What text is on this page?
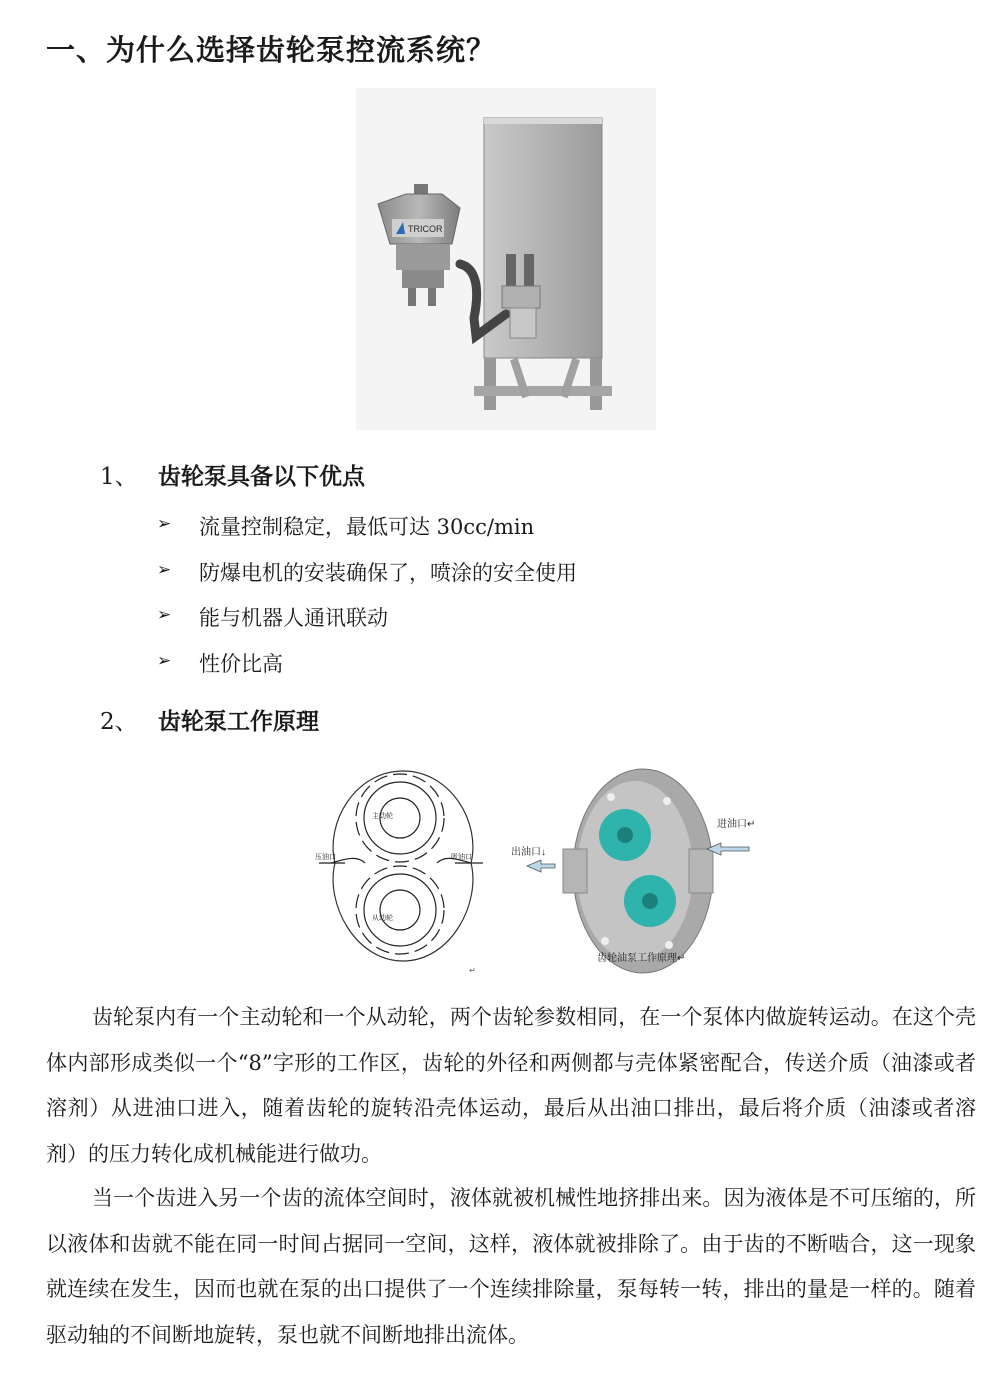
一、为什么选择齿轮泵控流系统？
TRICOR
1、 齿轮泵具备以下优点
➢	流量控制稳定，最低可达 30cc/min
➢	防爆电机的安装确保了，喷涂的安全使用
➢	能与机器人通讯联动
➢	性价比高
2、 齿轮泵工作原理
主动轮
从动轮
压油口	吸油口
↵
出油口↓
进油口↵
齿轮油泵工作原理↵

齿轮泵内有一个主动轮和一个从动轮，两个齿轮参数相同，在一个泵体内做旋转运动。在这个壳体内部形成类似一个“8”字形的工作区，齿轮的外径和两侧都与壳体紧密配合，传送介质（油漆或者溶剂）从进油口进入，随着齿轮的旋转沿壳体运动，最后从出油口排出，最后将介质（油漆或者溶剂）的压力转化成机械能进行做功。

当一个齿进入另一个齿的流体空间时，液体就被机械性地挤排出来。因为液体是不可压缩的，所以液体和齿就不能在同一时间占据同一空间，这样，液体就被排除了。由于齿的不断啮合，这一现象就连续在发生，因而也就在泵的出口提供了一个连续排除量，泵每转一转，排出的量是一样的。随着驱动轴的不间断地旋转，泵也就不间断地排出流体。
